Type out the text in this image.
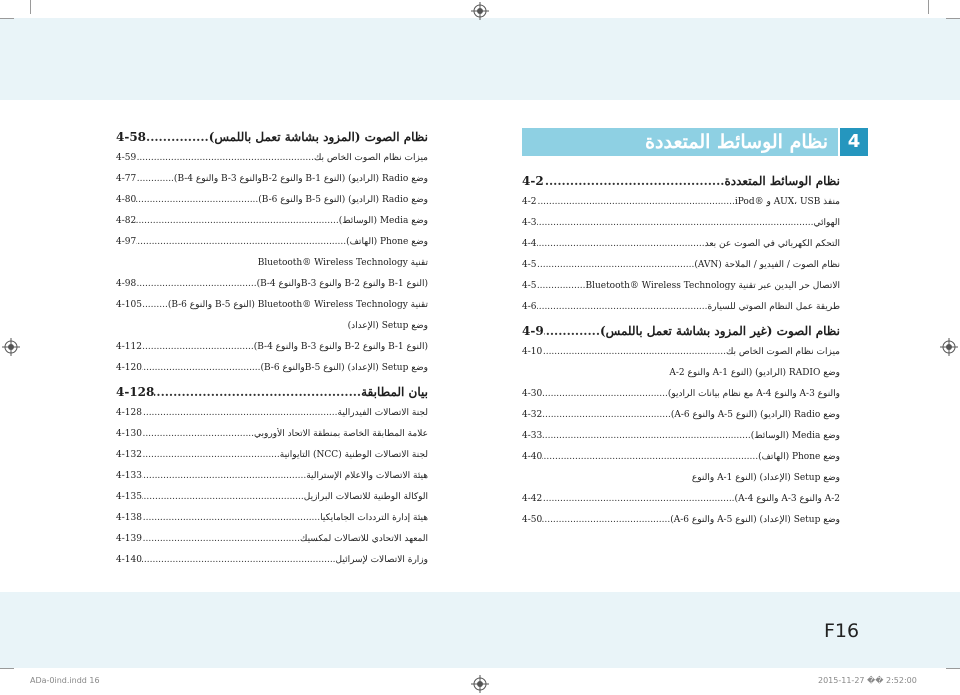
نظام الوسائط المتعددة	4
نظام الوسائط المتعددة
.....
4-2
منفذ AUX، USB و ®iPod
.....
4-2
الهوائي
.....
4-3
التحكم الكهربائي في الصوت عن بعد
.....
4-4
نظام الصوت / الفيديو / الملاحة (AVN)
.....
4-5
الاتصال حر اليدين عبر تقنية Bluetooth® Wireless Technology
.....
4-5
طريقة عمل النظام الصوتي للسيارة
.....
4-6
نظام الصوت (غير المزود بشاشة تعمل باللمس)
.....
4-9
ميزات نظام الصوت الخاص بك
.....
4-10
وضع RADIO (الراديو) (النوع A-1 والنوع A-2
والنوع A-3 والنوع A-4 مع نظام بيانات الراديو)
.....
4-30
وضع Radio (الراديو) (النوع A-5 والنوع A-6)
.....
4-32
وضع Media (الوسائط)
.....
4-33
وضع Phone (الهاتف)
.....
4-40
وضع Setup (الإعداد) (النوع A-1 والنوع
A-2 والنوع A-3 والنوع A-4)
.....
4-42
وضع Setup (الإعداد) (النوع A-5 والنوع A-6)
.....
4-50
نظام الصوت (المزود بشاشة تعمل باللمس)
.....
4-58
ميزات نظام الصوت الخاص بك
.....
4-59
وضع Radio (الراديو) (النوع B-1 والنوع B-2والنوع B-3 والنوع B-4)
.....
4-77
وضع Radio (الراديو) (النوع B-5 والنوع B-6)
.....
4-80
وضع Media (الوسائط)
.....
4-82
وضع Phone (الهاتف)
.....
4-97
تقنية Bluetooth® Wireless Technology
(النوع B-1 والنوع B-2 والنوع B-3والنوع B-4)
.....
4-98
تقنية Bluetooth® Wireless Technology (النوع B-5 والنوع B-6)
.....
4-105
وضع Setup (الإعداد)
(النوع B-1 والنوع B-2 والنوع B-3 والنوع B-4)
.....
4-112
وضع Setup (الإعداد) (النوع B-5والنوع B-6)
.....
4-120
بيان المطابقة
.....
4-128
لجنة الاتصالات الفيدرالية
.....
4-128
علامة المطابقة الخاصة بمنطقة الاتحاد الأوروبي
.....
4-130
لجنة الاتصالات الوطنية (NCC) التايوانية
.....
4-132
هيئة الاتصالات والاعلام الإسترالية
.....
4-133
الوكالة الوطنية للاتصالات البرازيل
.....
4-135
هيئة إدارة الترددات الجامايكيا
.....
4-138
المعهد الاتحادي للاتصالات لمكسيك
.....
4-139
وزارة الاتصالات لإسرائيل
.....
4-140
F16
ADa-0ind.indd 16	2015-11-27 �� 2:52:00
